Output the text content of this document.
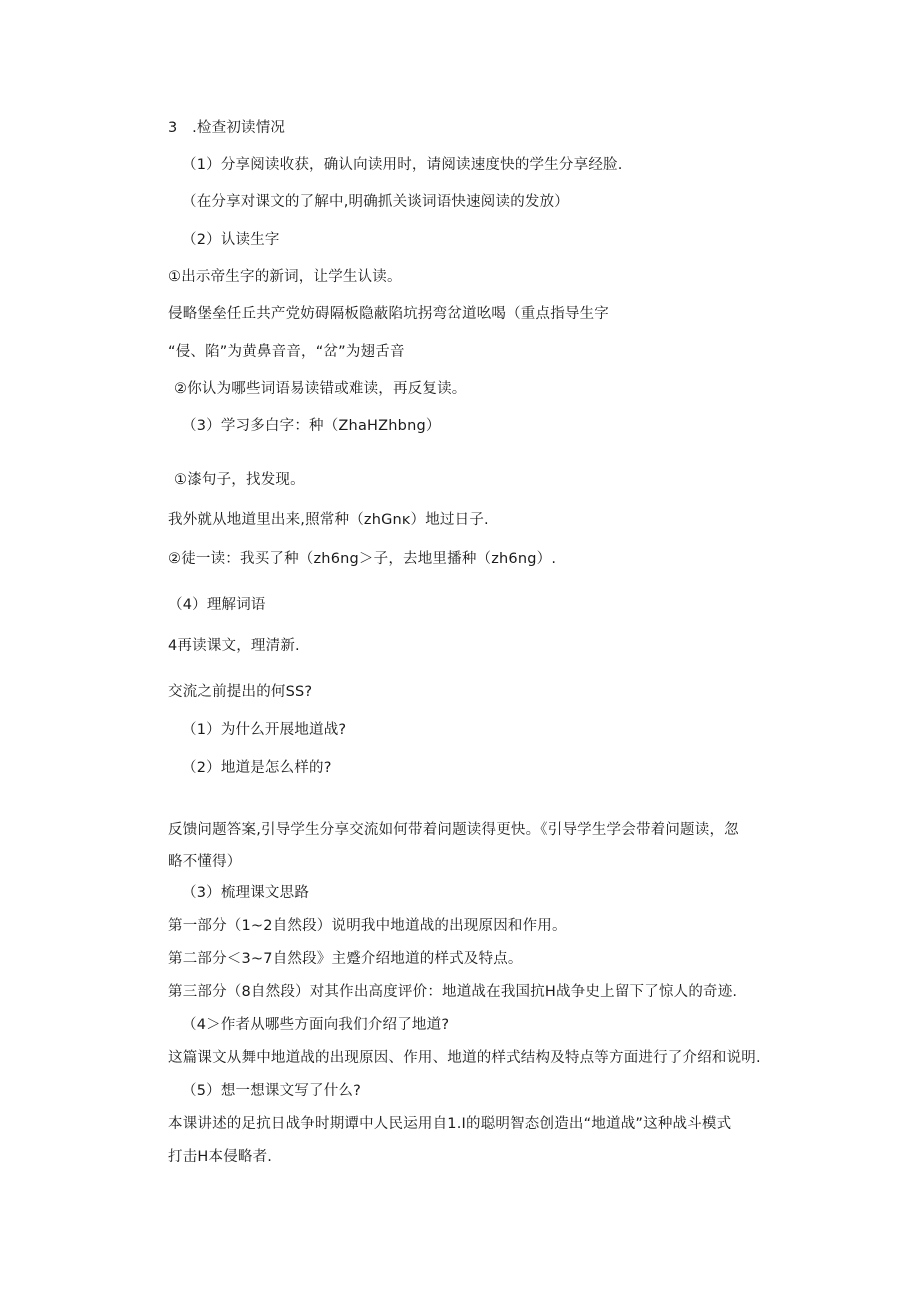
3　.检查初读情况
（1）分享阅读收获，确认向读用时，请阅读速度快的学生分享经脸.
（在分享对课文的了解中,明确抓关谈词语快速阅读的发放）
（2）认读生字
①出示帝生字的新词，让学生认读。
侵略堡垒任丘共产党妨碍隔板隐蔽陷坑拐弯岔道吆喝（重点指导生字
“侵、陷”为黄鼻音音，“岔”为翅舌音
②你认为哪些词语易读错或难读，再反复读。
（3）学习多白字：种（ZhaHZhbng）
①漆句子，找发现。
我外就从地道里出来,照常种（zhGnĸ）地过日子.
②徒一读：我买了种（zh6ng＞子，去地里播种（zh6ng）.
（4）理解词语
4再读课文，理清新.
交流之前提出的何SS?
（1）为什么开展地道战?
（2）地道是怎么样的?
反馈问题答案,引导学生分享交流如何带着问题读得更快。《引导学生学会带着问题读，忽
略不懂得）
（3）梳理课文思路
第一部分（1~2自然段）说明我中地道战的出现原因和作用。
第二部分＜3~7自然段》主蹙介绍地道的样式及特点。
第三部分（8自然段）对其作出高度评价：地道战在我国抗H战争史上留下了惊人的奇迹.
（4＞作者从哪些方面向我们介绍了地道?
这篇课文从舞中地道战的出现原因、作用、地道的样式结构及特点等方面进行了介绍和说明.
（5）想一想课文写了什么?
本课讲述的足抗日战争时期谭中人民运用自1.I的聪明智态创造出“地道战”这种战斗模式
打击H本侵略者.
